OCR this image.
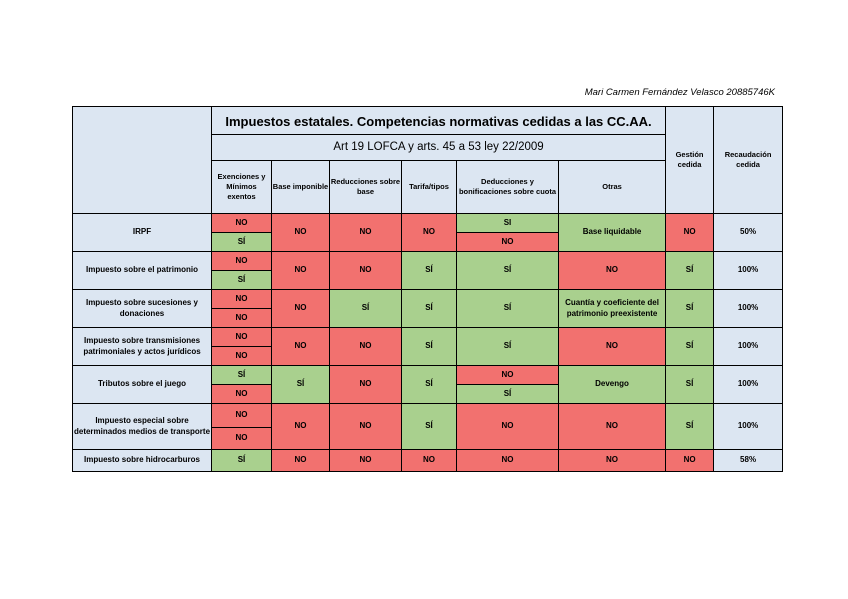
Mari Carmen Fernández Velasco 20885746K
	Impuestos estatales. Competencias normativas cedidas a las CC.AA.						Gestión cedida	Recaudación cedida
	Art 19 LOFCA y arts. 45 a 53 ley 22/2009							
	Exenciones y Mínimos exentos	Base imponible	Reducciones sobre base	Tarifa/tipos	Deducciones y bonificaciones sobre cuota	Otras		
IRPF	NO	NO	NO	NO	SI	Base liquidable	NO	50%
	SÍ				NO			
Impuesto sobre el patrimonio	NO	NO	NO	SÍ	SÍ	NO	SÍ	100%
	SÍ							
Impuesto sobre sucesiones y donaciones	NO	NO	SÍ	SÍ	SÍ	Cuantía y coeficiente del patrimonio preexistente	SÍ	100%
	NO							
Impuesto sobre transmisiones patrimoniales y actos jurídicos	NO	NO	NO	SÍ	SÍ	NO	SÍ	100%
	NO							
Tributos sobre el juego	SÍ	SÍ	NO	SÍ	NO	Devengo	SÍ	100%
	NO				SÍ			
Impuesto especial sobre determinados medios de transporte	NO	NO	NO	SÍ	NO	NO	SÍ	100%
	NO							
Impuesto sobre hidrocarburos	SÍ	NO	NO	NO	NO	NO	NO	58%
